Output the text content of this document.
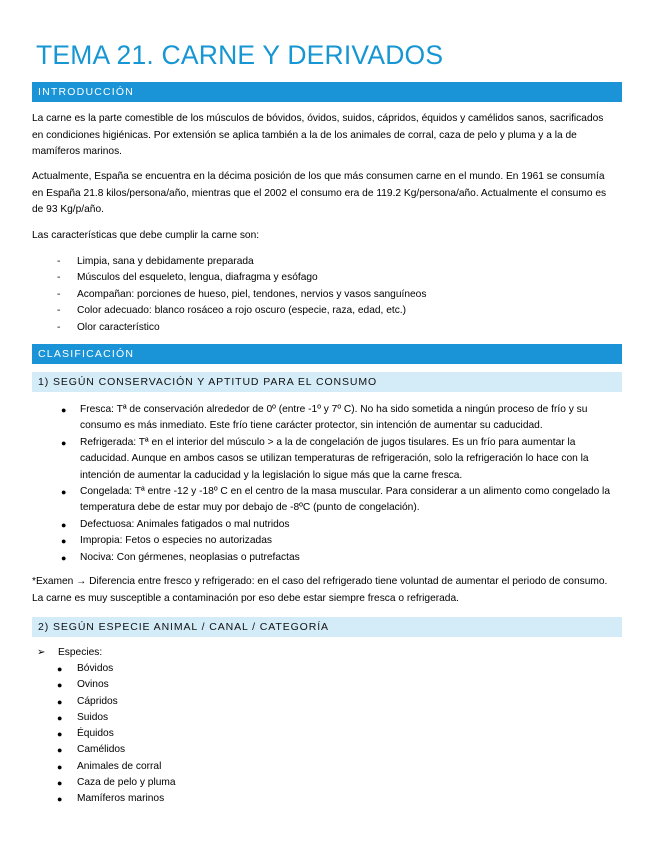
TEMA 21. CARNE Y DERIVADOS
INTRODUCCIÓN
La carne es la parte comestible de los músculos de bóvidos, óvidos, suidos, cápridos, équidos y camélidos sanos, sacrificados en condiciones higiénicas. Por extensión se aplica también a la de los animales de corral, caza de pelo y pluma y a la de mamíferos marinos.
Actualmente, España se encuentra en la décima posición de los que más consumen carne en el mundo. En 1961 se consumía en España 21.8 kilos/persona/año, mientras que el 2002 el consumo era de 119.2 Kg/persona/año. Actualmente el consumo es de 93 Kg/p/año.
Las características que debe cumplir la carne son:
- Limpia, sana y debidamente preparada
- Músculos del esqueleto, lengua, diafragma y esófago
- Acompañan: porciones de hueso, piel, tendones, nervios y vasos sanguíneos
- Color adecuado: blanco rosáceo a rojo oscuro (especie, raza, edad, etc.)
- Olor característico
CLASIFICACIÓN
1) SEGÚN CONSERVACIÓN Y APTITUD PARA EL CONSUMO
● Fresca: Tª de conservación alrededor de 0º (entre -1º y 7º C). No ha sido sometida a ningún proceso de frío y su consumo es más inmediato. Este frío tiene carácter protector, sin intención de aumentar su caducidad.
● Refrigerada: Tª en el interior del músculo > a la de congelación de jugos tisulares. Es un frío para aumentar la caducidad. Aunque en ambos casos se utilizan temperaturas de refrigeración, solo la refrigeración lo hace con la intención de aumentar la caducidad y la legislación lo sigue más que la carne fresca.
● Congelada: Tª entre -12 y -18º C en el centro de la masa muscular. Para considerar a un alimento como congelado la temperatura debe de estar muy por debajo de -8ºC (punto de congelación).
● Defectuosa: Animales fatigados o mal nutridos
● Impropia: Fetos o especies no autorizadas
● Nociva: Con gérmenes, neoplasias o putrefactas
*Examen → Diferencia entre fresco y refrigerado: en el caso del refrigerado tiene voluntad de aumentar el periodo de consumo. La carne es muy susceptible a contaminación por eso debe estar siempre fresca o refrigerada.
2) SEGÚN ESPECIE ANIMAL / CANAL / CATEGORÍA
➢ Especies:
● Bóvidos
● Ovinos
● Cápridos
● Suidos
● Équidos
● Camélidos
● Animales de corral
● Caza de pelo y pluma
● Mamíferos marinos
